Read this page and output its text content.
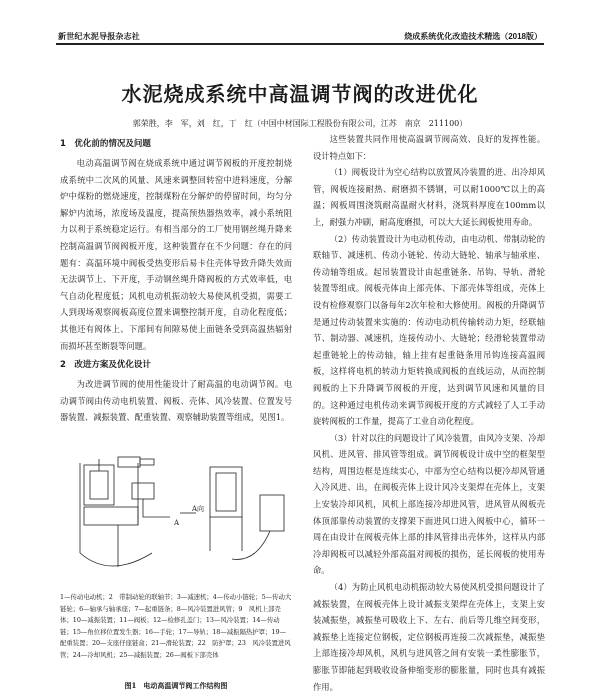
新世纪水泥导报杂志社	烧成系统优化改造技术精选（2018版）
水泥烧成系统中高温调节阀的改进优化
郭荣胜，李　军，刘　红，丁　红（中国中材国际工程股份有限公司，江苏　南京　211100）
1　优化前的情况及问题

电动高温调节阀在烧成系统中通过调节阀板的开度控制烧成系统中二次风的风量、风速来调整回转窑中进料速度，分解炉中煤粉的燃烧速度，控制煤粉在分解炉的停留时间，均匀分解炉内流场，浓度场及温度，提高预热器热效率，减小系统阻力以利于系统稳定运行。有相当部分的工厂使用钢丝绳升降来控制高温调节阀阀板开度，这种装置存在不少问题：存在的问题有：高温环境中阀板受热变形后易卡住壳体导致升降失效而无法调节上、下开度，手动钢丝绳升降阀板的方式效率低，电气自动化程度低；风机电动机振动较大易使风机受损，需要工人到现场观察阀板高度位置来调整控制开度，自动化程度低；其他还有阀体上、下部间有间隙易使上面链条受到高温热辐射而损坏甚至断裂等问题。

2　改进方案及优化设计

为改进调节阀的使用性能设计了耐高温的电动调节阀。电动调节阀由传动电机装置、阀板、壳体、风冷装置、位置发号器装置、减振装置、配重装置、观察辅助装置等组成，见图1。

A向
A
1—传动电动机；2　带制动轮的联轴节；3—减速机；4—传动小链轮；5—传动大链轮；6—轴承与轴承座；7—起重链条；8—风冷装置进风管；9　风机上部壳体；10—减振装置；11—阀板；12—检修孔盖门；13—风冷装置；14—传动链；15—角位移位置发生器；16—手轮；17—导轨；18—减振隔热护罩；19—配重装置；20—支座仔座链盒；21—滑轮装置；22　防护罩；23　风冷装置进风管；24—冷却风机；25—减振装置；26—阀板下部壳体
图1　电动高温调节阀工作结构图

这些装置共同作用使高温调节阀高效、良好的发挥性能。设计特点如下：

（1）阀板设计为空心结构以放置风冷装置的进、出冷却风管，阀板连接耐热、耐磨损不锈钢，可以耐1000℃以上的高温；阀板周围浇筑耐高温耐火材料，浇筑料厚度在100mm以上，耐强力冲刷，耐高度磨损，可以大大延长阀板使用寿命。

（2）传动装置设计为电动机传动，由电动机、带制动轮的联轴节、减速机、传动小链轮、传动大链轮、轴承与轴承座、传动轴等组成。起吊装置设计由起重链条、吊钩、导轨、滑轮装置等组成。阀板壳体由上部壳体、下部壳体等组成，壳体上设有检修观察门以备每年2次年检和大修使用。阀板的升降调节是通过传动装置来实施的：传动电动机传输转动力矩，经联轴节、制动器、减速机，连接传动小、大链轮；经滑轮装置带动起重链轮上的传动轴，轴上挂有起重链条用吊钩连接高温阀板，这样将电机的转动力矩转换成阀板的直线运动，从而控制阀板的上下升降调节阀板的开度，达到调节风速和风量的目的。这种通过电机传动来调节阀板开度的方式减轻了人工手动旋转阀板的工作量，提高了工业自动化程度。

（3）针对以往的问题设计了风冷装置，由风冷支架、冷却风机、进风管、排风管等组成。调节阀板设计成中空的框架型结构，周围边框是连续实心，中部为空心结构以便冷却风管通入冷风进、出，在阀板壳体上设计风冷支架焊在壳体上，支架上安装冷却风机，风机上部连接冷却进风管，进风管从阀板壳体顶部靠传动装置的支撑架下面进风口进入阀板中心，循环一周在由设计在阀板壳体上部的排风管排出壳体外，这样从内部冷却阀板可以减轻外部高温对阀板的损伤，延长阀板的使用寿命。

（4）为防止风机电动机振动较大易使风机受损问题设计了减振装置，在阀板壳体上设计减振支架焊在壳体上，支架上安装减振垫，减振垫可吸收上下、左右、前后等几维空间变形，减振垫上连接定位钢板，定位钢板再连接二次减振垫，减振垫上部连接冷却风机，风机与进风管之间有安装一柔性膨胀节，膨胀节即能起到吸收设备伸缩变形的膨胀量，同时也具有减振作用。
